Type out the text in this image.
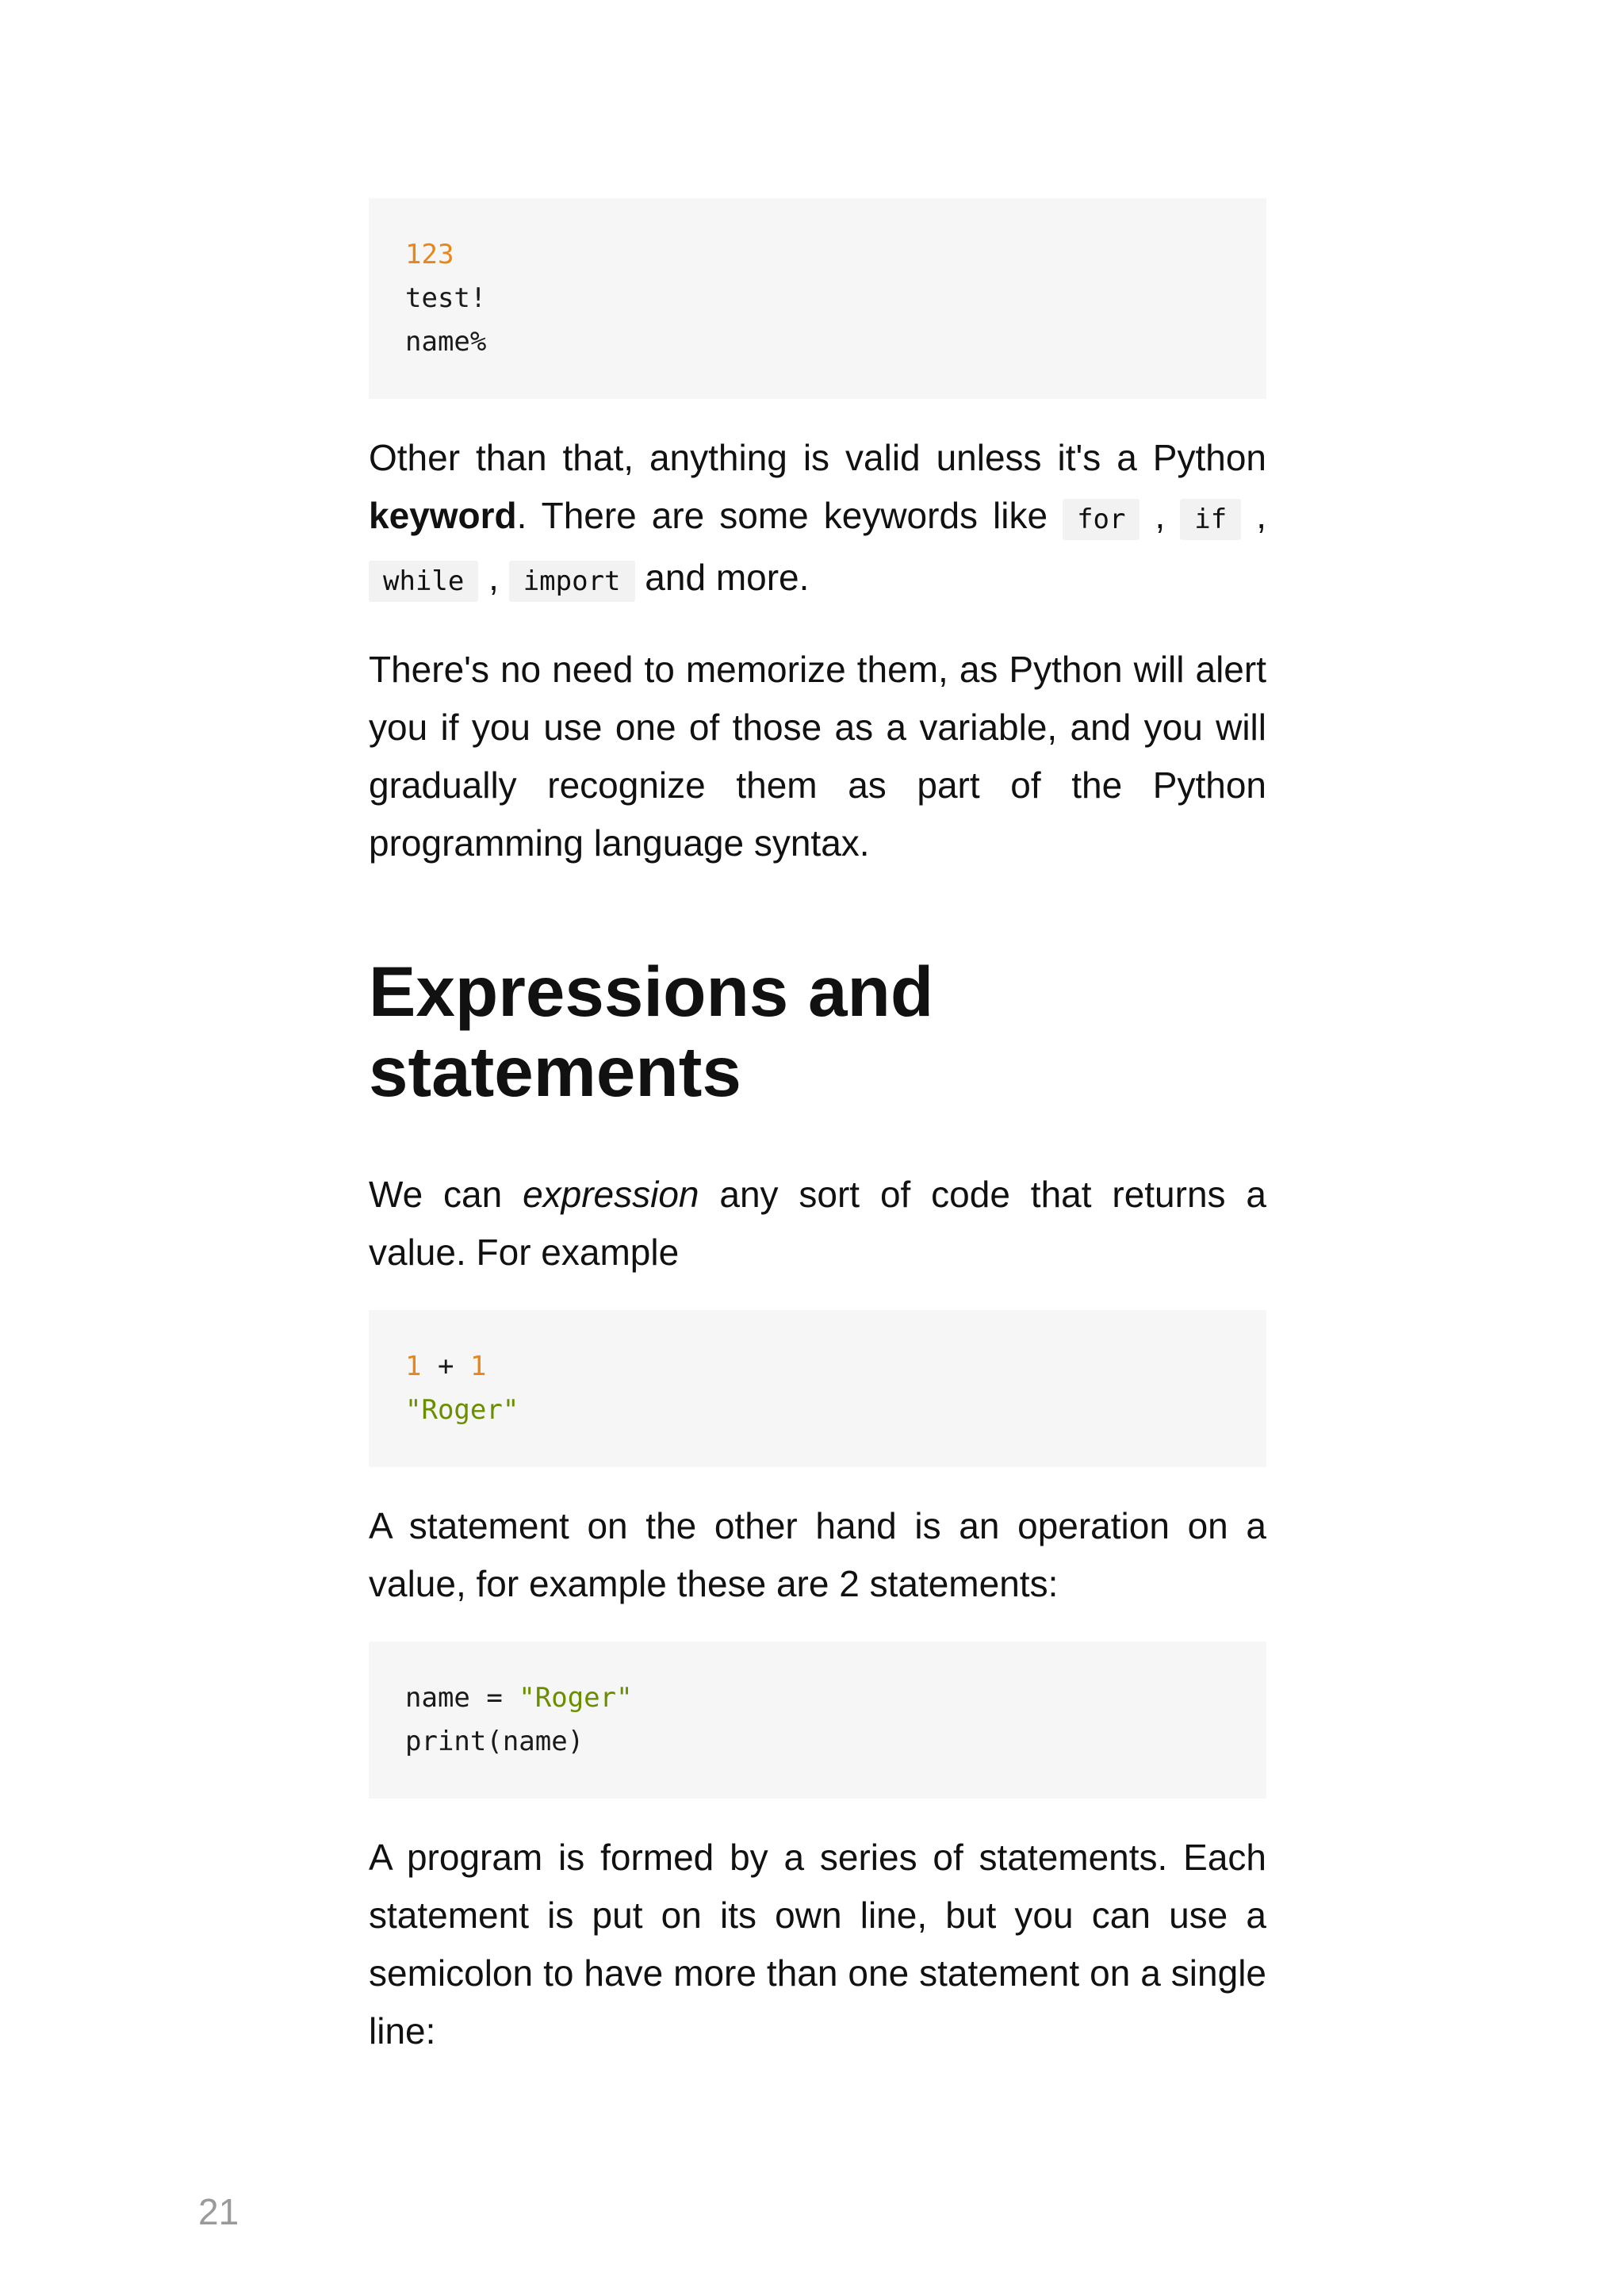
123
test!
name%

Other than that, anything is valid unless it's a Python keyword. There are some keywords like for , if , while , import and more.

There's no need to memorize them, as Python will alert you if you use one of those as a variable, and you will gradually recognize them as part of the Python programming language syntax.

Expressions and
statements

We can expression any sort of code that returns a value. For example

1 + 1
"Roger"

A statement on the other hand is an operation on a value, for example these are 2 statements:

name = "Roger"
print(name)

A program is formed by a series of statements. Each statement is put on its own line, but you can use a semicolon to have more than one statement on a single line:

21
